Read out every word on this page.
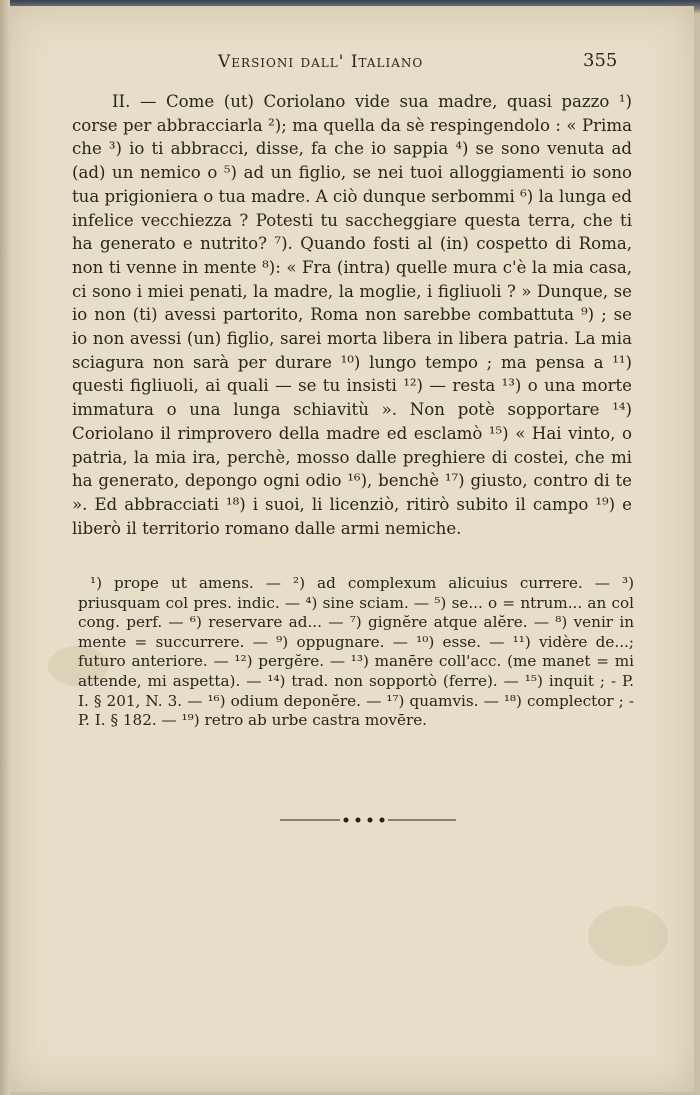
Versioni dall' Italiano	355

II. — Come (ut) Coriolano vide sua madre, quasi pazzo ¹) corse per abbracciarla ²); ma quella da sè respingendolo : « Prima che ³) io ti abbracci, disse, fa che io sappia ⁴) se sono venuta ad (ad) un nemico o ⁵) ad un figlio, se nei tuoi alloggiamenti io sono tua prigioniera o tua madre. A ciò dunque serbommi ⁶) la lunga ed infelice vecchiezza ? Potesti tu saccheggiare questa terra, che ti ha generato e nutrito? ⁷). Quando fosti al (in) cospetto di Roma, non ti venne in mente ⁸): « Fra (intra) quelle mura c'è la mia casa, ci sono i miei penati, la madre, la moglie, i figliuoli ? » Dunque, se io non (ti) avessi partorito, Roma non sarebbe combattuta ⁹) ; se io non avessi (un) figlio, sarei morta libera in libera patria. La mia sciagura non sarà per durare ¹⁰) lungo tempo ; ma pensa a ¹¹) questi figliuoli, ai quali — se tu insisti ¹²) — resta ¹³) o una morte immatura o una lunga schiavitù ». Non potè sopportare ¹⁴) Coriolano il rimprovero della madre ed esclamò ¹⁵) « Hai vinto, o patria, la mia ira, perchè, mosso dalle preghiere di costei, che mi ha generato, depongo ogni odio ¹⁶), benchè ¹⁷) giusto, contro di te ». Ed abbracciati ¹⁸) i suoi, li licenziò, ritirò subito il campo ¹⁹) e liberò il territorio romano dalle armi nemiche.

¹) prope ut amens. — ²) ad complexum alicuius currere. — ³) priusquam col pres. indic. — ⁴) sine sciam. — ⁵) se... o = ntrum... an col cong. perf. — ⁶) reservare ad... — ⁷) gignĕre atque alĕre. — ⁸) venir in mente = succurrere. — ⁹) oppugnare. — ¹⁰) esse. — ¹¹) vidère de...; futuro anteriore. — ¹²) pergĕre. — ¹³) manēre coll'acc. (me manet = mi attende, mi aspetta). — ¹⁴) trad. non sopportò (ferre). — ¹⁵) inquit ; - P. I. § 201, N. 3. — ¹⁶) odium deponĕre. — ¹⁷) quamvis. — ¹⁸) complector ; - P. I. § 182. — ¹⁹) retro ab urbe castra movēre.
